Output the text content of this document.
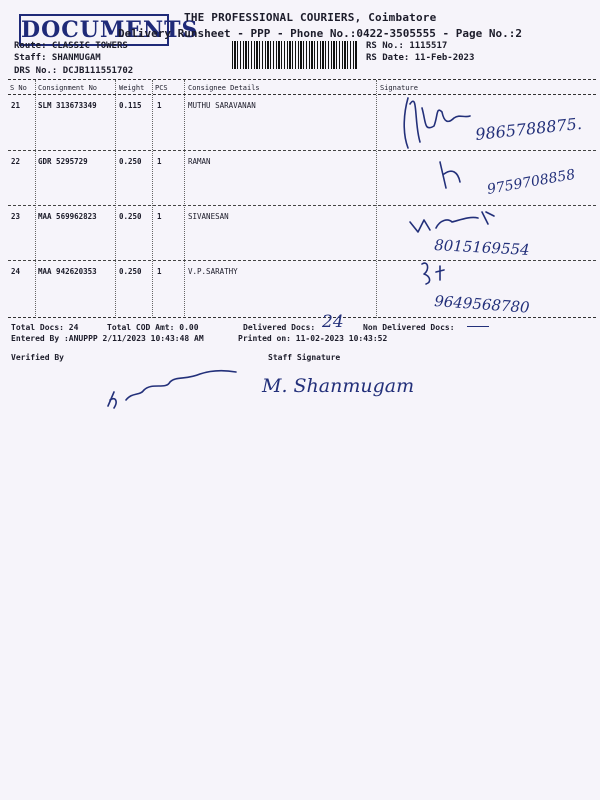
DOCUMENTS
THE PROFESSIONAL COURIERS, Coimbatore
Delivery Runsheet - PPP - Phone No.:0422-3505555 - Page No.:2
Route: CLASSIC TOWERS
Staff: SHANMUGAM
DRS No.: DCJB111551702
RS No.: 1115517
RS Date: 11-Feb-2023
S No Consignment No	Weight PCS	Consignee Details	Signature
21 SLM 313673349	0.115 1	MUTHU SARAVANAN
22 GDR 5295729	0.250 1	RAMAN
23 MAA 569962823	0.250 1	SIVANESAN
24 MAA 942620353	0.250 1	V.P.SARATHY
9865788875.
9759708858
8015169554
9649568780
Total Docs: 24	Total COD Amt: 0.00	Delivered Docs: 24 Non Delivered Docs:
Entered By :ANUPPP 2/11/2023 10:43:48 AM	Printed on: 11-02-2023 10:43:52
Verified By	Staff Signature
M. Shanmugam
